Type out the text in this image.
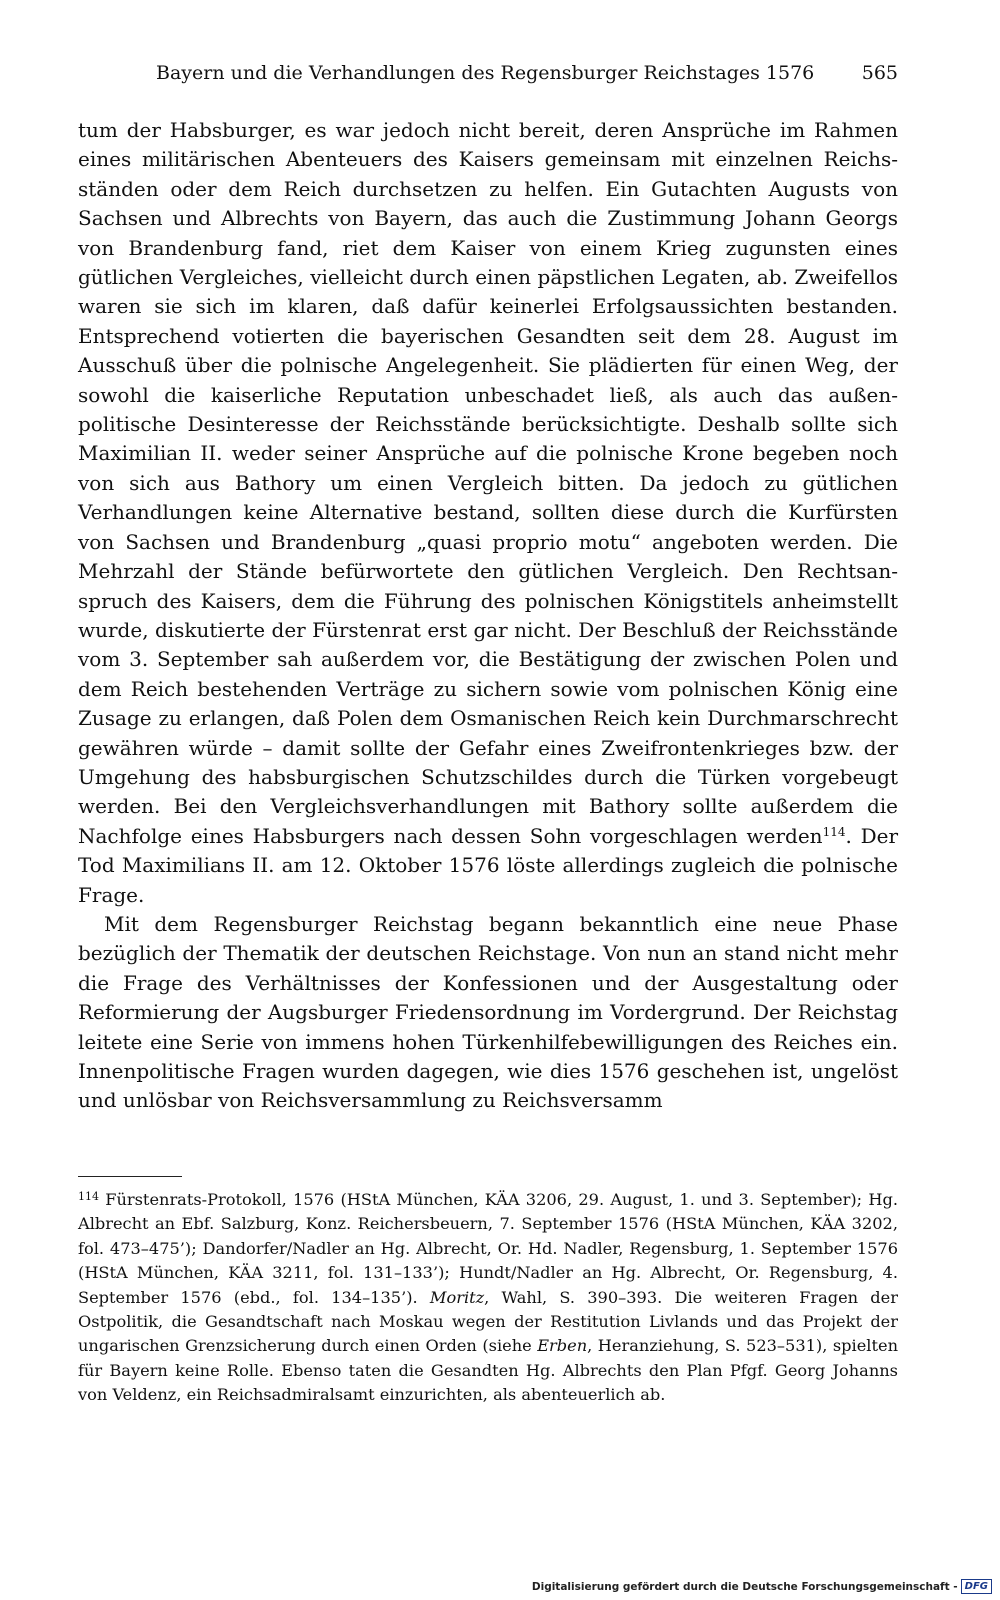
Bayern und die Verhandlungen des Regensburger Reichstages 1576 565

tum der Habsburger, es war jedoch nicht bereit, deren Ansprüche im Rahmen eines militärischen Abenteuers des Kaisers gemeinsam mit einzelnen Reichsständen oder dem Reich durchsetzen zu helfen. Ein Gutachten Augusts von Sachsen und Albrechts von Bayern, das auch die Zustimmung Johann Georgs von Brandenburg fand, riet dem Kaiser von einem Krieg zugunsten eines gütlichen Vergleiches, vielleicht durch einen päpstlichen Legaten, ab. Zweifellos waren sie sich im klaren, daß dafür keinerlei Erfolgsaussichten bestanden. Entsprechend votierten die bayerischen Gesandten seit dem 28. August im Ausschuß über die polnische Angelegenheit. Sie plädierten für einen Weg, der sowohl die kaiserliche Reputation unbeschadet ließ, als auch das außenpolitische Desinteresse der Reichsstände berücksichtigte. Deshalb sollte sich Maximilian II. weder seiner Ansprüche auf die polnische Krone begeben noch von sich aus Bathory um einen Vergleich bitten. Da jedoch zu gütlichen Verhandlungen keine Alternative bestand, sollten diese durch die Kurfürsten von Sachsen und Brandenburg „quasi proprio motu“ angeboten werden. Die Mehrzahl der Stände befürwortete den gütlichen Vergleich. Den Rechtsanspruch des Kaisers, dem die Führung des polnischen Königstitels anheimstellt wurde, diskutierte der Fürstenrat erst gar nicht. Der Beschluß der Reichsstände vom 3. September sah außerdem vor, die Bestätigung der zwischen Polen und dem Reich bestehenden Verträge zu sichern sowie vom polnischen König eine Zusage zu erlangen, daß Polen dem Osmanischen Reich kein Durchmarschrecht gewähren würde – damit sollte der Gefahr eines Zweifrontenkrieges bzw. der Umgehung des habsburgischen Schutzschildes durch die Türken vorgebeugt werden. Bei den Vergleichsverhandlungen mit Bathory sollte außerdem die Nachfolge eines Habsburgers nach dessen Sohn vorgeschlagen werden$^{114}$. Der Tod Maximilians II. am 12. Oktober 1576 löste allerdings zugleich die polnische Frage.

Mit dem Regensburger Reichstag begann bekanntlich eine neue Phase bezüglich der Thematik der deutschen Reichstage. Von nun an stand nicht mehr die Frage des Verhältnisses der Konfessionen und der Ausgestaltung oder Reformierung der Augsburger Friedensordnung im Vordergrund. Der Reichstag leitete eine Serie von immens hohen Türkenhilfebewilligungen des Reiches ein. Innenpolitische Fragen wurden dagegen, wie dies 1576 geschehen ist, ungelöst und unlösbar von Reichsversammlung zu Reichsversamm

$^{114}$ Fürstenrats-Protokoll, 1576 (HStA München, KÄA 3206, 29. August, 1. und 3. September); Hg. Albrecht an Ebf. Salzburg, Konz. Reichersbeuern, 7. September 1576 (HStA München, KÄA 3202, fol. 473–475’); Dandorfer/Nadler an Hg. Albrecht, Or. Hd. Nadler, Regensburg, 1. September 1576 (HStA München, KÄA 3211, fol. 131–133’); Hundt/Nadler an Hg. Albrecht, Or. Regensburg, 4. September 1576 (ebd., fol. 134–135’). Moritz, Wahl, S. 390–393. Die weiteren Fragen der Ostpolitik, die Gesandtschaft nach Moskau wegen der Restitution Livlands und das Projekt der ungarischen Grenzsicherung durch einen Orden (siehe Erben, Heranziehung, S. 523–531), spielten für Bayern keine Rolle. Ebenso taten die Gesandten Hg. Albrechts den Plan Pfgf. Georg Johanns von Veldenz, ein Reichsadmiralsamt einzurichten, als abenteuerlich ab.
Digitalisierung gefördert durch die Deutsche Forschungsgemeinschaft - DFG
